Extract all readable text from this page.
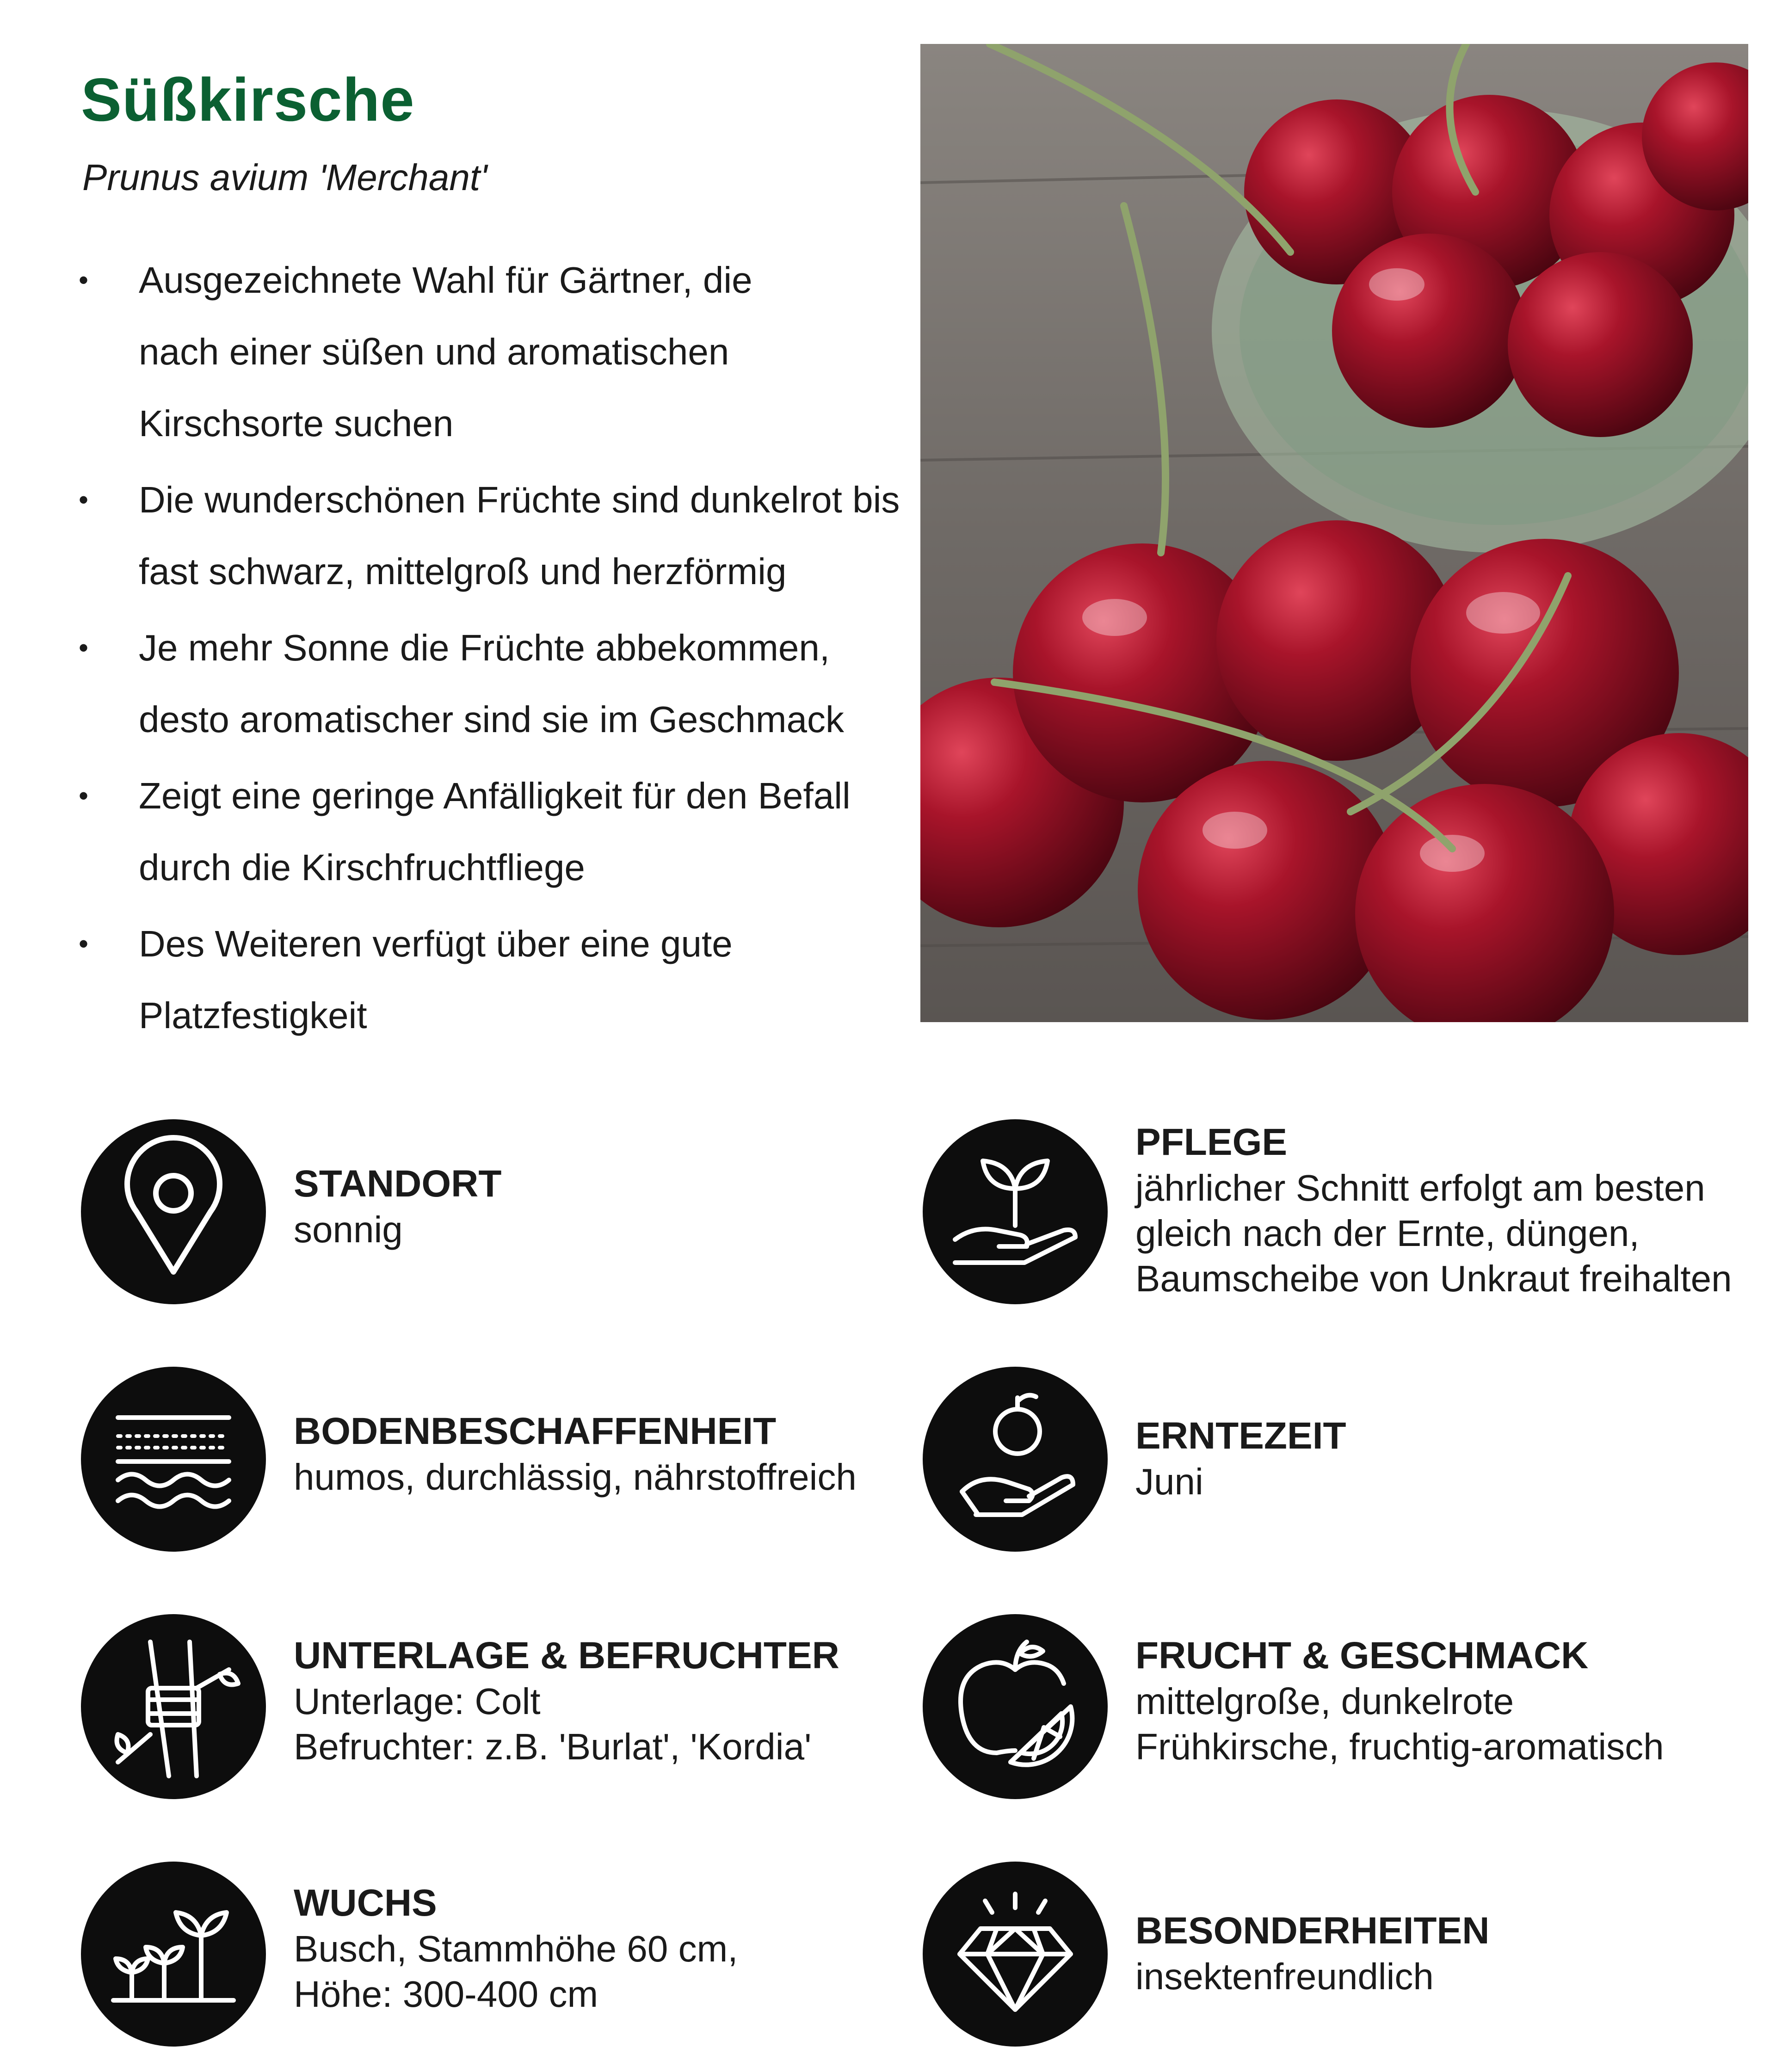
Süßkirsche
Prunus avium 'Merchant'
• Ausgezeichnete Wahl für Gärtner, die nach einer süßen und aromatischen Kirschsorte suchen
• Die wunderschönen Früchte sind dunkelrot bis fast schwarz, mittelgroß und herzförmig
• Je mehr Sonne die Früchte abbekommen, desto aromatischer sind sie im Geschmack
• Zeigt eine geringe Anfälligkeit für den Befall durch die Kirschfruchtfliege
• Des Weiteren verfügt über eine gute Platzfestigkeit
STANDORT
sonnig
BODENBESCHAFFENHEIT
humos, durchlässig, nährstoffreich
UNTERLAGE & BEFRUCHTER
Unterlage: Colt
Befruchter: z.B. 'Burlat', 'Kordia'
WUCHS
Busch, Stammhöhe 60 cm,
Höhe: 300-400 cm
PFLEGE
jährlicher Schnitt erfolgt am besten
gleich nach der Ernte, düngen,
Baumscheibe von Unkraut freihalten
ERNTEZEIT
Juni
FRUCHT & GESCHMACK
mittelgroße, dunkelrote
Frühkirsche, fruchtig-aromatisch
BESONDERHEITEN
insektenfreundlich
